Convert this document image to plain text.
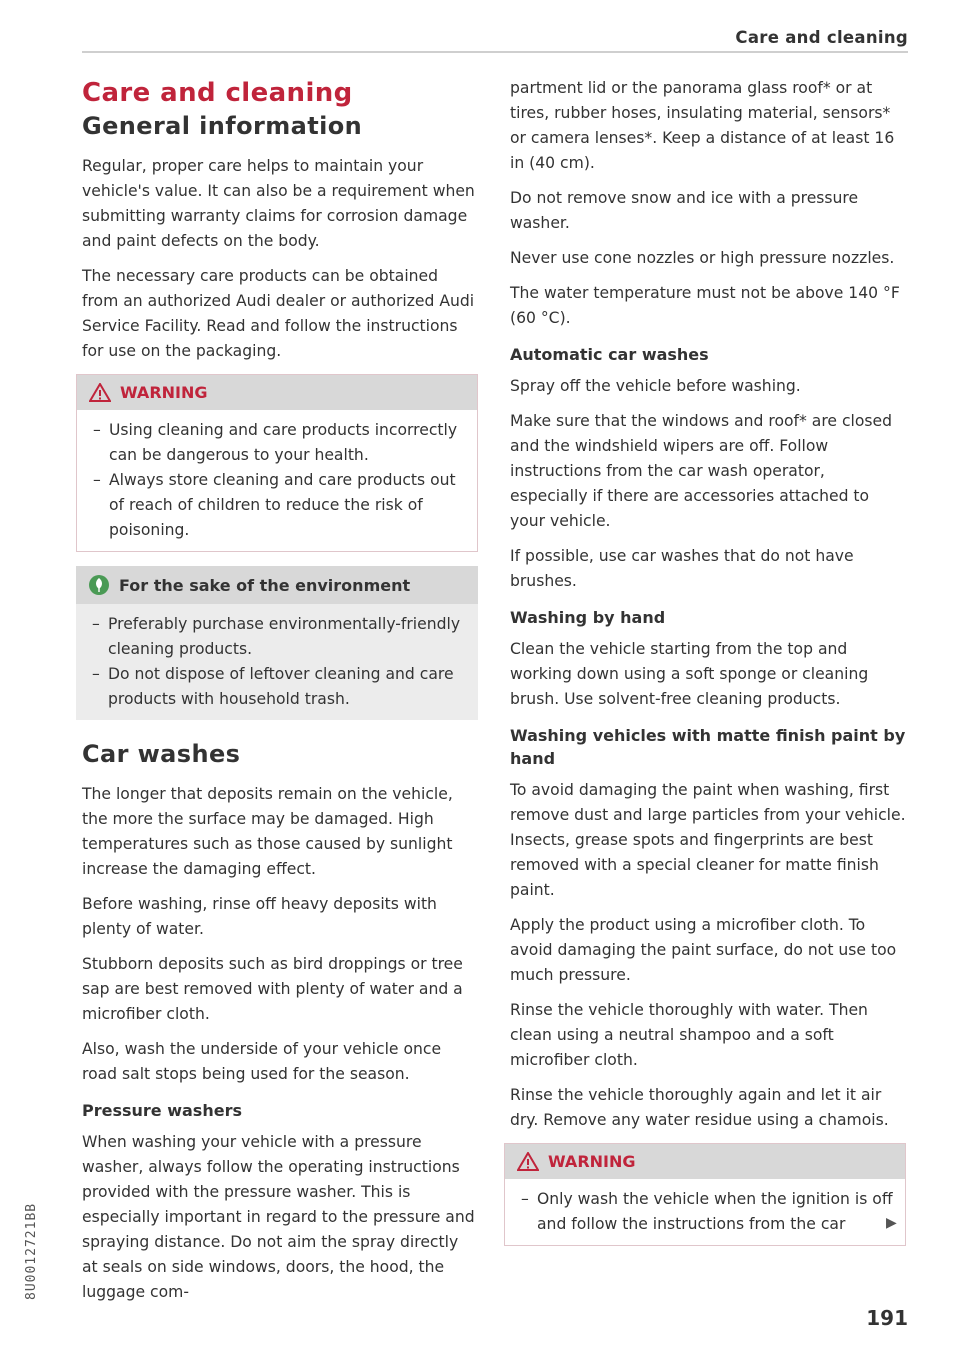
Care and cleaning
Care and cleaning
General information

Regular, proper care helps to maintain your vehicle's value. It can also be a requirement when submitting warranty claims for corrosion damage and paint defects on the body.

The necessary care products can be obtained from an authorized Audi dealer or authorized Audi Service Facility. Read and follow the instructions for use on the packaging.

WARNING
– Using cleaning and care products incorrectly can be dangerous to your health.
– Always store cleaning and care products out of reach of children to reduce the risk of poisoning.
For the sake of the environment
– Preferably purchase environmentally-friendly cleaning products.
– Do not dispose of leftover cleaning and care products with household trash.
Car washes

The longer that deposits remain on the vehicle, the more the surface may be damaged. High temperatures such as those caused by sunlight increase the damaging effect.

Before washing, rinse off heavy deposits with plenty of water.

Stubborn deposits such as bird droppings or tree sap are best removed with plenty of water and a microfiber cloth.

Also, wash the underside of your vehicle once road salt stops being used for the season.

Pressure washers

When washing your vehicle with a pressure washer, always follow the operating instructions provided with the pressure washer. This is especially important in regard to the pressure and spraying distance. Do not aim the spray directly at seals on side windows, doors, the hood, the luggage com-

partment lid or the panorama glass roof* or at tires, rubber hoses, insulating material, sensors* or camera lenses*. Keep a distance of at least 16 in (40 cm).

Do not remove snow and ice with a pressure washer.

Never use cone nozzles or high pressure nozzles.

The water temperature must not be above 140 °F (60 °C).

Automatic car washes

Spray off the vehicle before washing.

Make sure that the windows and roof* are closed and the windshield wipers are off. Follow instructions from the car wash operator, especially if there are accessories attached to your vehicle.

If possible, use car washes that do not have brushes.

Washing by hand

Clean the vehicle starting from the top and working down using a soft sponge or cleaning brush. Use solvent-free cleaning products.

Washing vehicles with matte finish paint by hand

To avoid damaging the paint when washing, first remove dust and large particles from your vehicle. Insects, grease spots and fingerprints are best removed with a special cleaner for matte finish paint.

Apply the product using a microfiber cloth. To avoid damaging the paint surface, do not use too much pressure.

Rinse the vehicle thoroughly with water. Then clean using a neutral shampoo and a soft microfiber cloth.

Rinse the vehicle thoroughly again and let it air dry. Remove any water residue using a chamois.

WARNING
– Only wash the vehicle when the ignition is off and follow the instructions from the car	▶
191
8U0012721BB
